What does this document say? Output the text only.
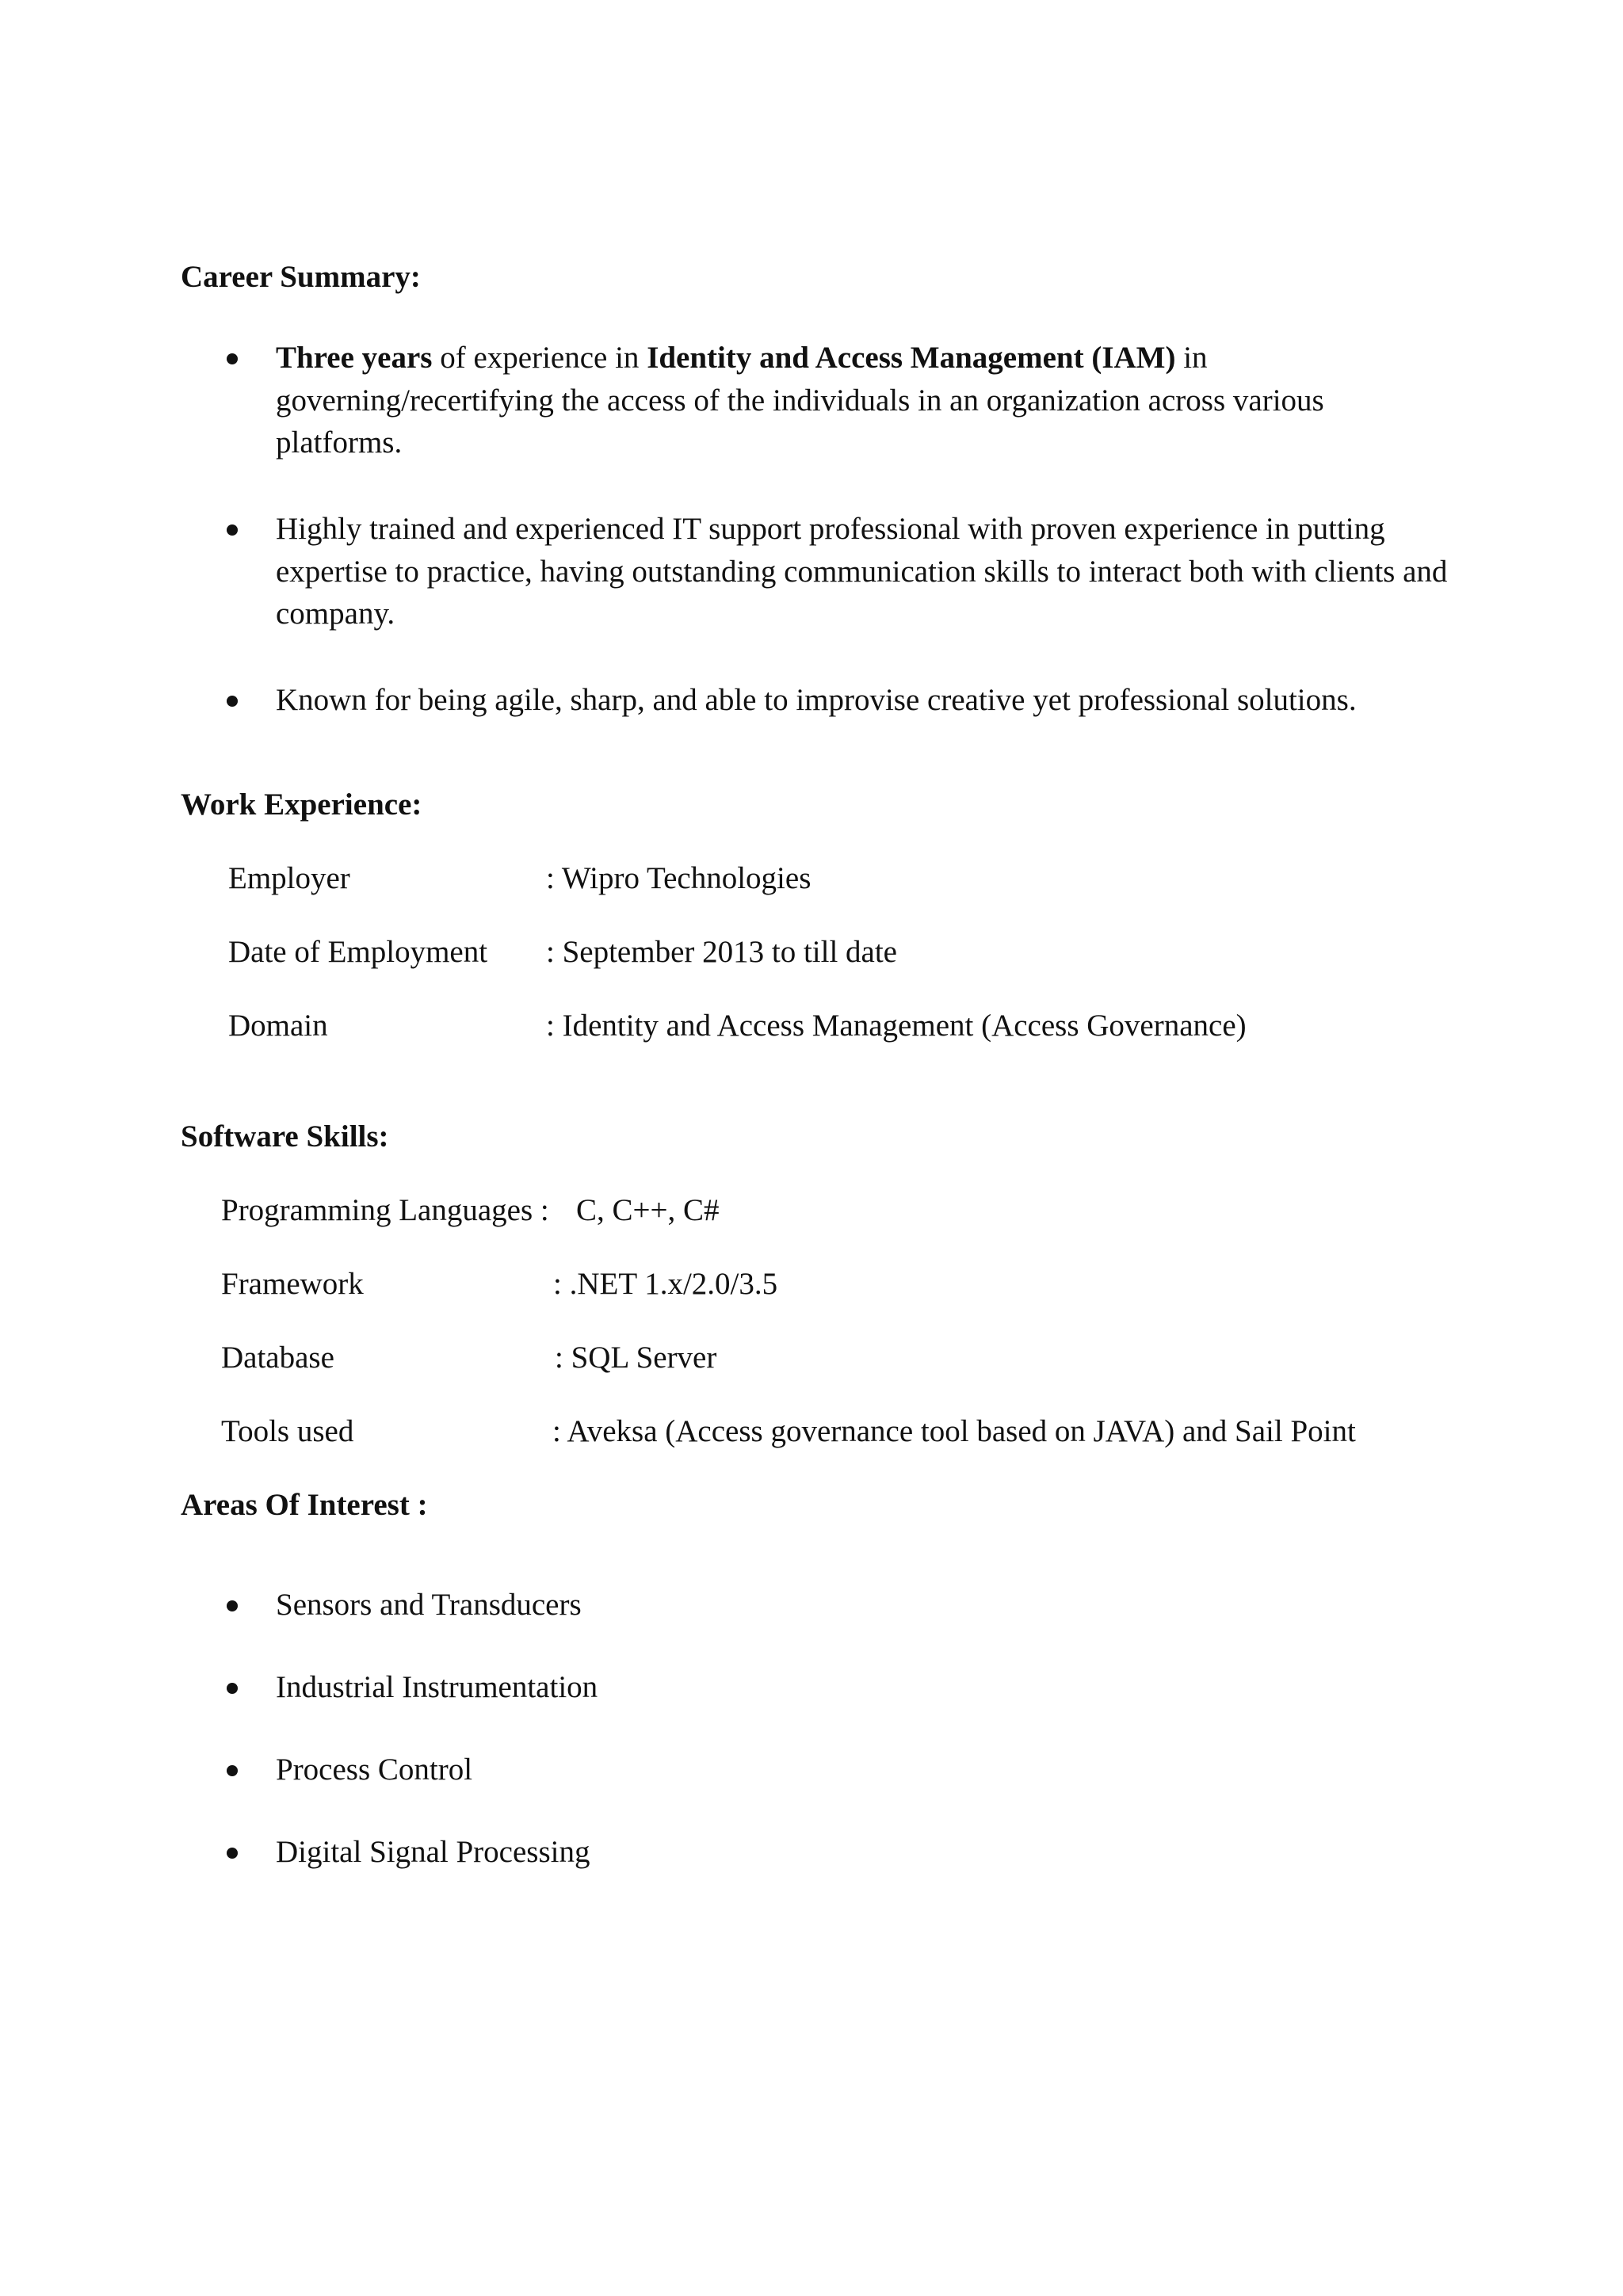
Career Summary:
Three years of experience in Identity and Access Management (IAM) in governing/recertifying the access of the individuals in an organization across various platforms.
Highly trained and experienced IT support professional with proven experience in putting expertise to practice, having outstanding communication skills to interact both with clients and company.
Known for being agile, sharp, and able to improvise creative yet professional solutions.
Work Experience:
Employer	: Wipro Technologies
Date of Employment : September 2013 to till date
Domain	: Identity and Access Management (Access Governance)
Software Skills:
Programming Languages : C, C++, C#
Framework	: .NET 1.x/2.0/3.5
Database	: SQL Server
Tools used	: Aveksa (Access governance tool based on JAVA) and Sail Point
Areas Of Interest :
Sensors and Transducers
Industrial Instrumentation
Process Control
Digital Signal Processing
